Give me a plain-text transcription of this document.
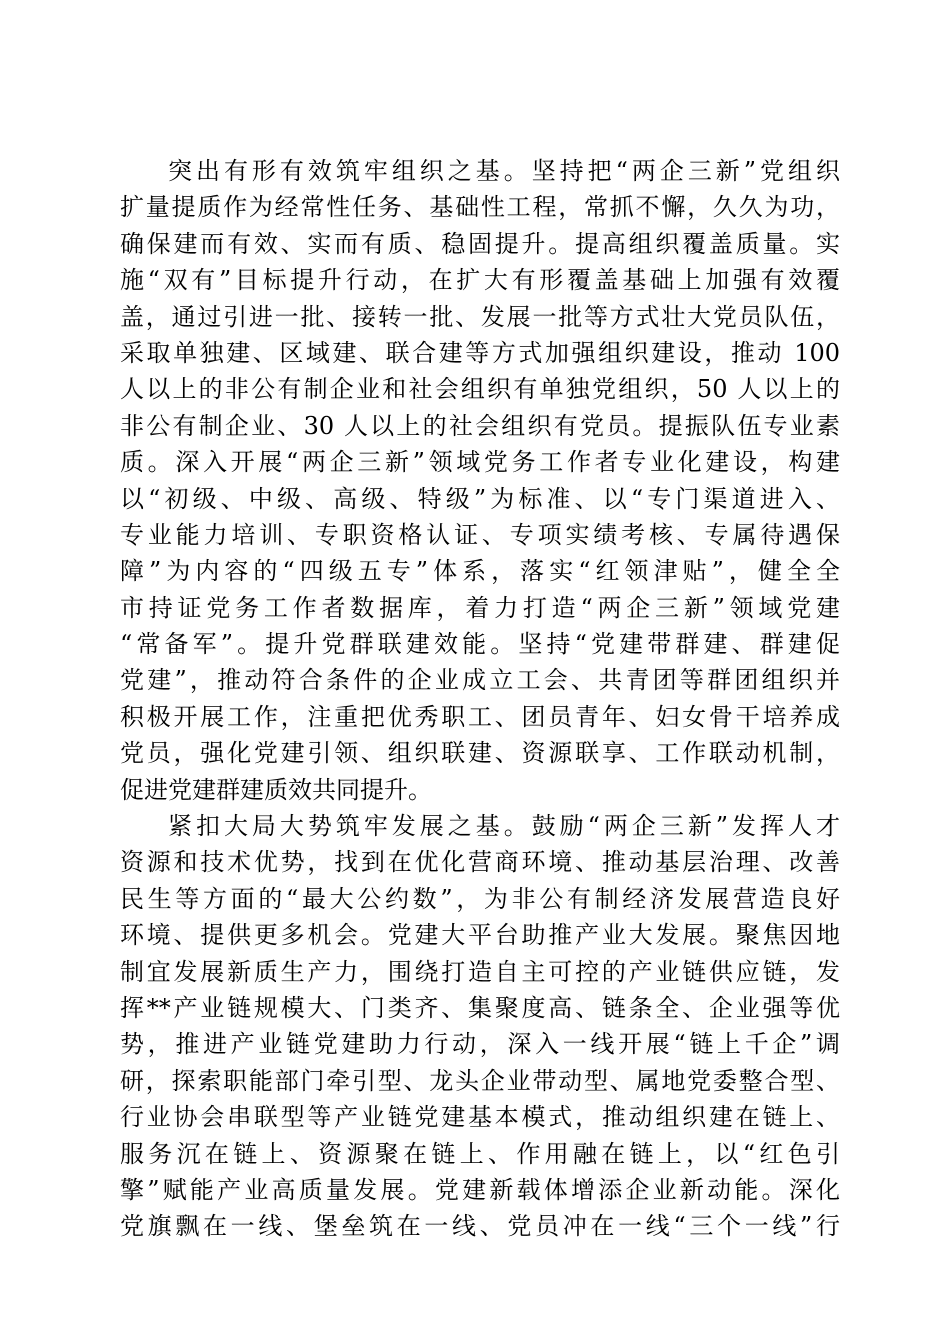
突出有形有效筑牢组织之基。坚持把“两企三新”党组织
扩量提质作为经常性任务、基础性工程，常抓不懈，久久为功，
确保建而有效、实而有质、稳固提升。提高组织覆盖质量。实
施“双有”目标提升行动，在扩大有形覆盖基础上加强有效覆
盖，通过引进一批、接转一批、发展一批等方式壮大党员队伍，
采取单独建、区域建、联合建等方式加强组织建设，推动 100
人以上的非公有制企业和社会组织有单独党组织，50 人以上的
非公有制企业、30 人以上的社会组织有党员。提振队伍专业素
质。深入开展“两企三新”领域党务工作者专业化建设，构建
以“初级、中级、高级、特级”为标准、以“专门渠道进入、
专业能力培训、专职资格认证、专项实绩考核、专属待遇保
障”为内容的“四级五专”体系，落实“红领津贴”，健全全
市持证党务工作者数据库，着力打造“两企三新”领域党建
“常备军”。提升党群联建效能。坚持“党建带群建、群建促
党建”，推动符合条件的企业成立工会、共青团等群团组织并
积极开展工作，注重把优秀职工、团员青年、妇女骨干培养成
党员，强化党建引领、组织联建、资源联享、工作联动机制，
促进党建群建质效共同提升。
紧扣大局大势筑牢发展之基。鼓励“两企三新”发挥人才
资源和技术优势，找到在优化营商环境、推动基层治理、改善
民生等方面的“最大公约数”，为非公有制经济发展营造良好
环境、提供更多机会。党建大平台助推产业大发展。聚焦因地
制宜发展新质生产力，围绕打造自主可控的产业链供应链，发
挥**产业链规模大、门类齐、集聚度高、链条全、企业强等优
势，推进产业链党建助力行动，深入一线开展“链上千企”调
研，探索职能部门牵引型、龙头企业带动型、属地党委整合型、
行业协会串联型等产业链党建基本模式，推动组织建在链上、
服务沉在链上、资源聚在链上、作用融在链上，以“红色引
擎”赋能产业高质量发展。党建新载体增添企业新动能。深化
党旗飘在一线、堡垒筑在一线、党员冲在一线“三个一线”行
